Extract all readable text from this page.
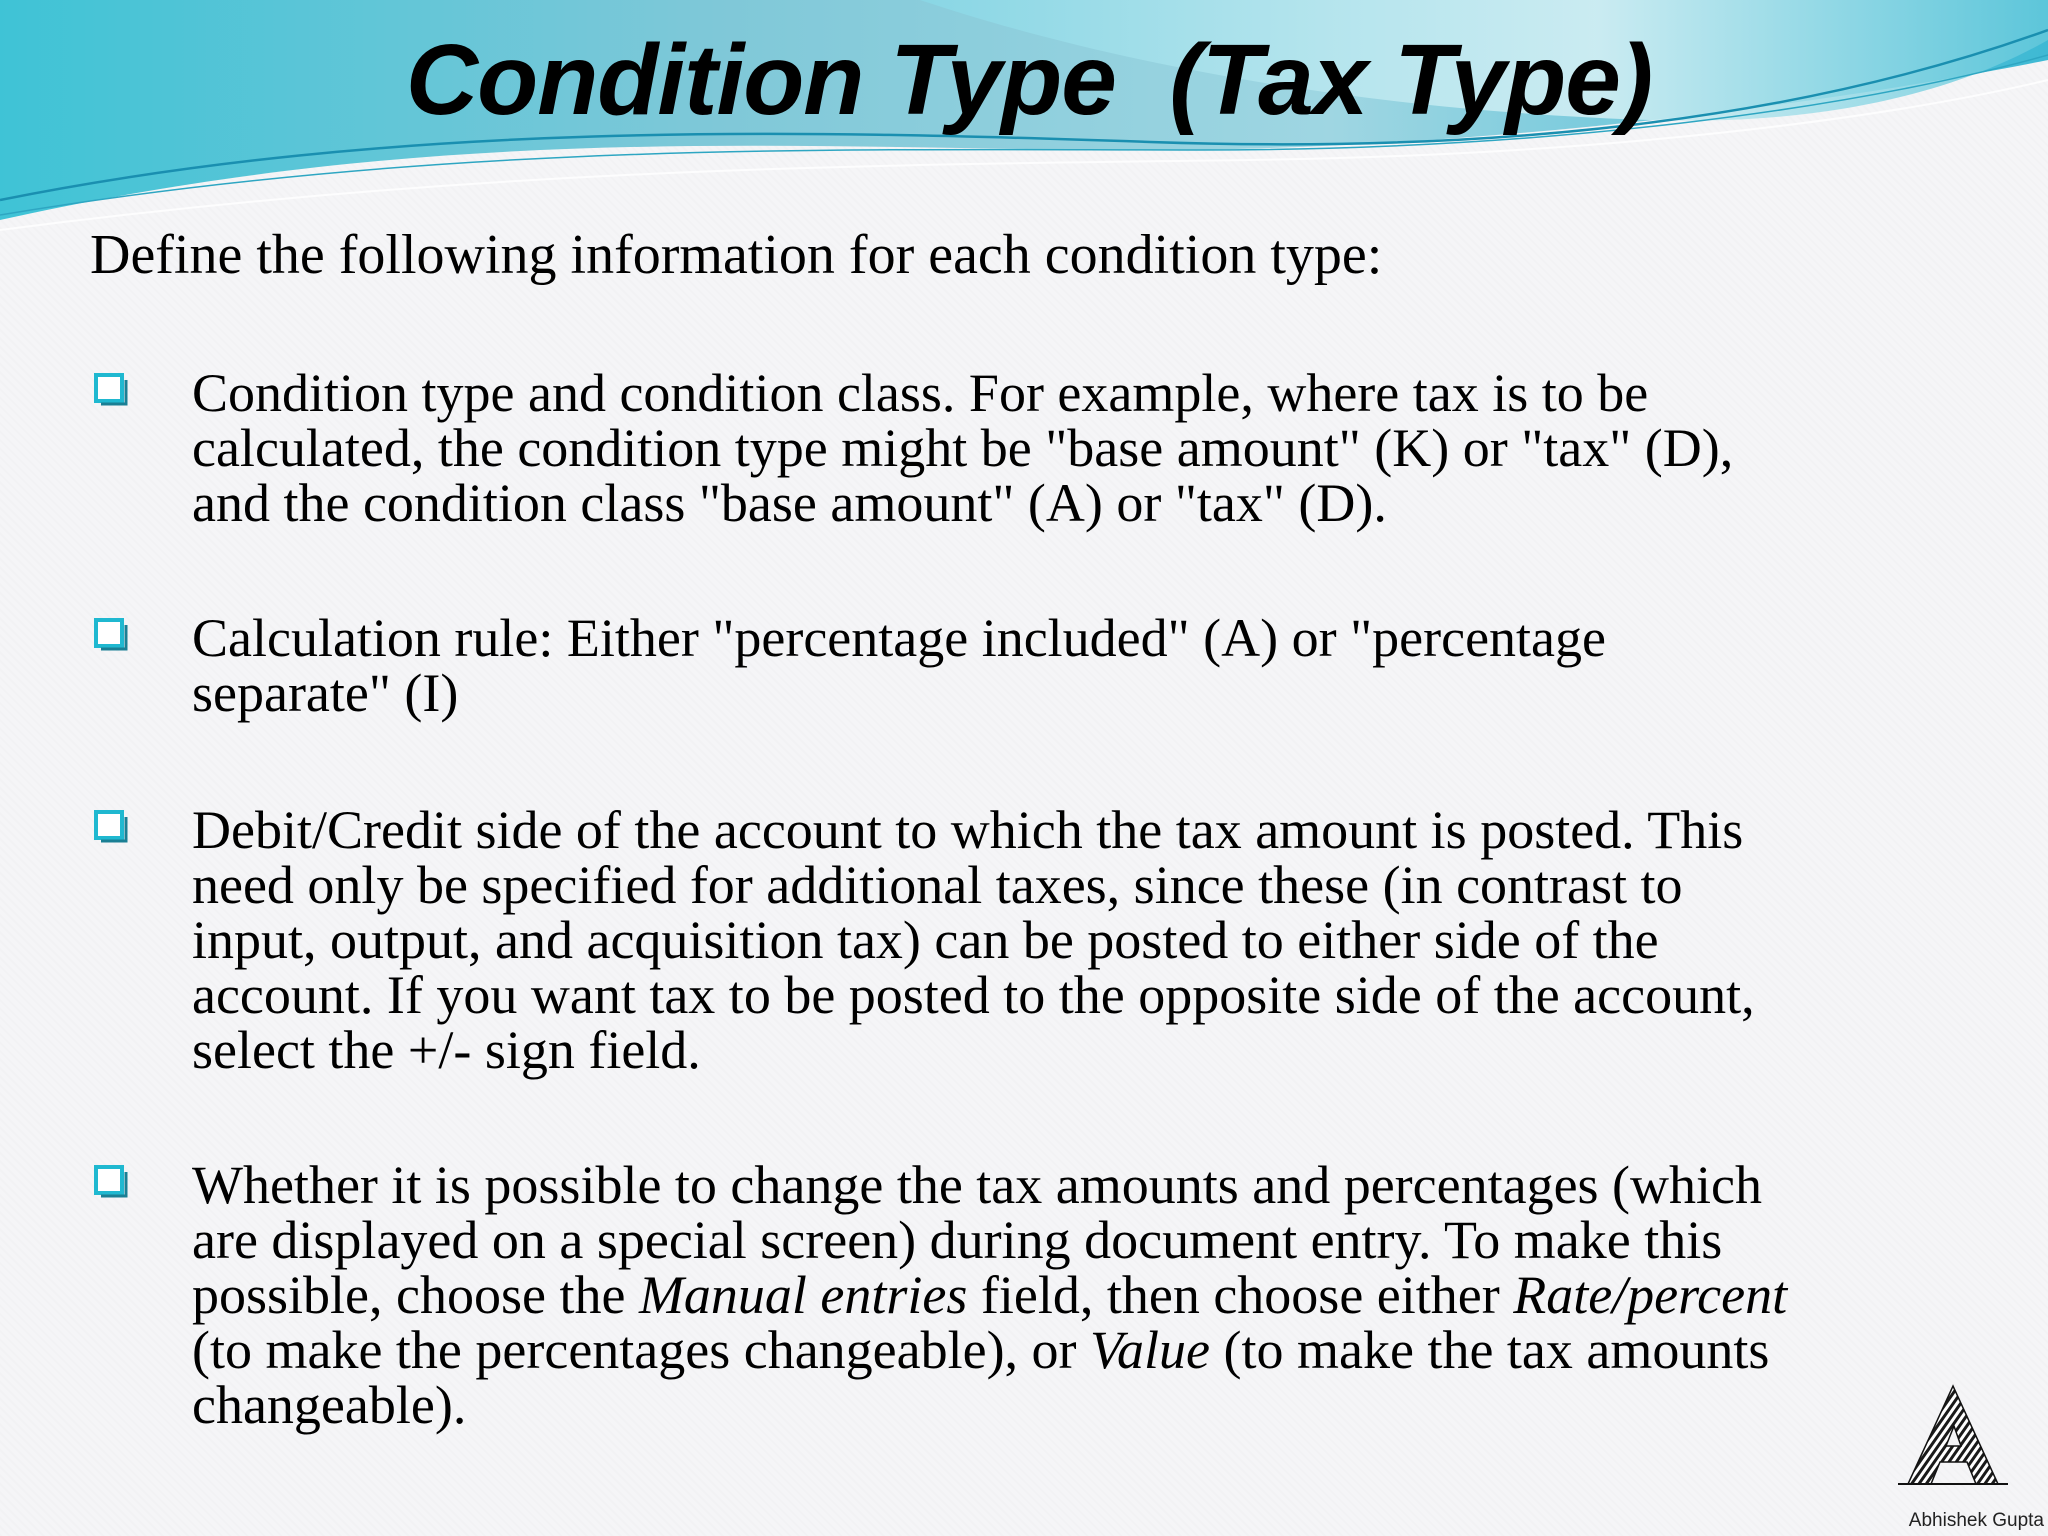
Condition Type  (Tax Type)

Define the following information for each condition type:

Condition type and condition class. For example, where tax is to be
calculated, the condition type might be "base amount" (K) or "tax" (D),
and the condition class "base amount" (A) or "tax" (D).

Calculation rule: Either "percentage included" (A) or "percentage
separate" (I)

Debit/Credit side of the account to which the tax amount is posted. This
need only be specified for additional taxes, since these (in contrast to
input, output, and acquisition tax) can be posted to either side of the
account. If you want tax to be posted to the opposite side of the account,
select the +/- sign field.

Whether it is possible to change the tax amounts and percentages (which
are displayed on a special screen) during document entry. To make this
possible, choose the Manual entries field, then choose either Rate/percent
(to make the percentages changeable), or Value (to make the tax amounts
changeable).

Abhishek Gupta
